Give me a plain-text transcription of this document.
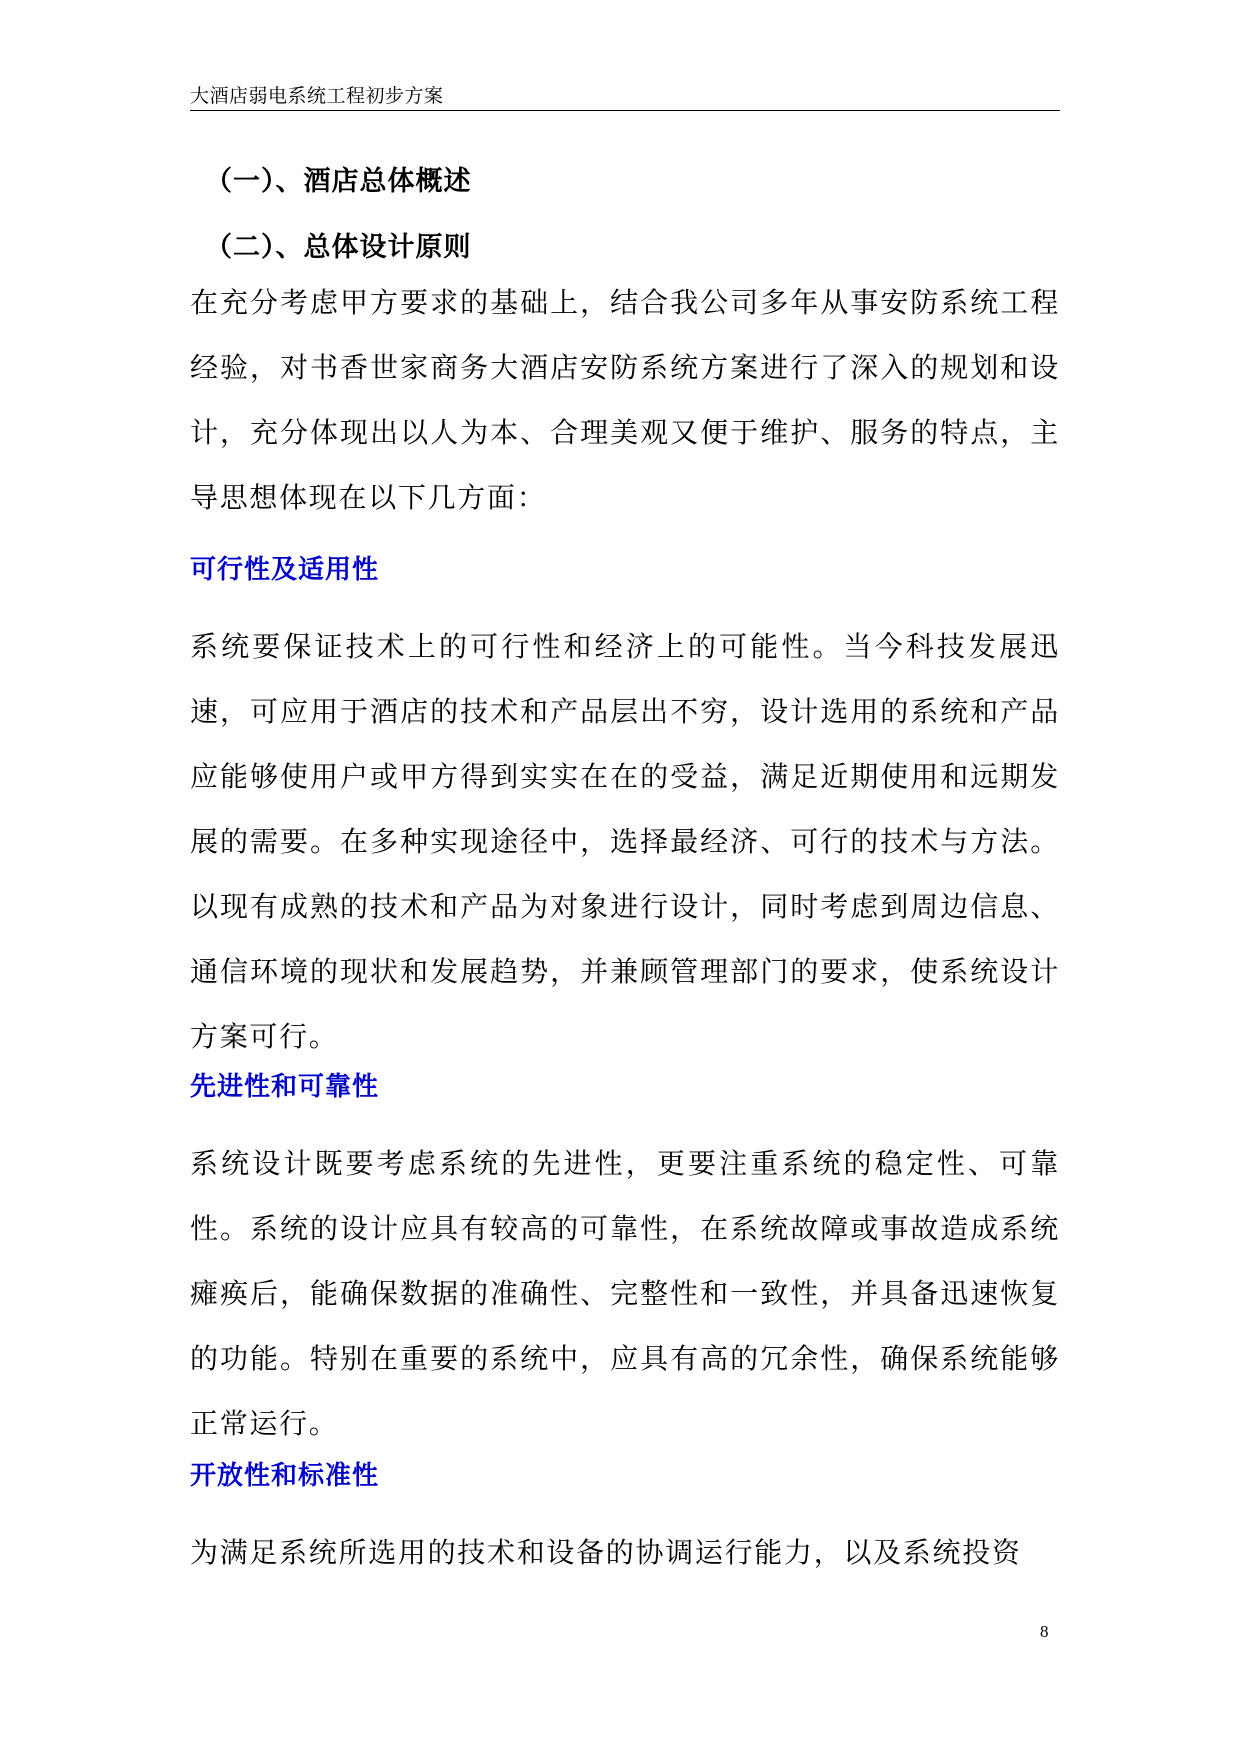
大酒店弱电系统工程初步方案
（一）、酒店总体概述
（二）、总体设计原则
在充分考虑甲方要求的基础上，结合我公司多年从事安防系统工程经验，对书香世家商务大酒店安防系统方案进行了深入的规划和设计，充分体现出以人为本、合理美观又便于维护、服务的特点，主导思想体现在以下几方面：
可行性及适用性
系统要保证技术上的可行性和经济上的可能性。当今科技发展迅速，可应用于酒店的技术和产品层出不穷，设计选用的系统和产品应能够使用户或甲方得到实实在在的受益，满足近期使用和远期发展的需要。在多种实现途径中，选择最经济、可行的技术与方法。以现有成熟的技术和产品为对象进行设计，同时考虑到周边信息、通信环境的现状和发展趋势，并兼顾管理部门的要求，使系统设计方案可行。
先进性和可靠性
系统设计既要考虑系统的先进性，更要注重系统的稳定性、可靠性。系统的设计应具有较高的可靠性，在系统故障或事故造成系统瘫痪后，能确保数据的准确性、完整性和一致性，并具备迅速恢复的功能。特别在重要的系统中，应具有高的冗余性，确保系统能够正常运行。
开放性和标准性
为满足系统所选用的技术和设备的协调运行能力，以及系统投资
8
